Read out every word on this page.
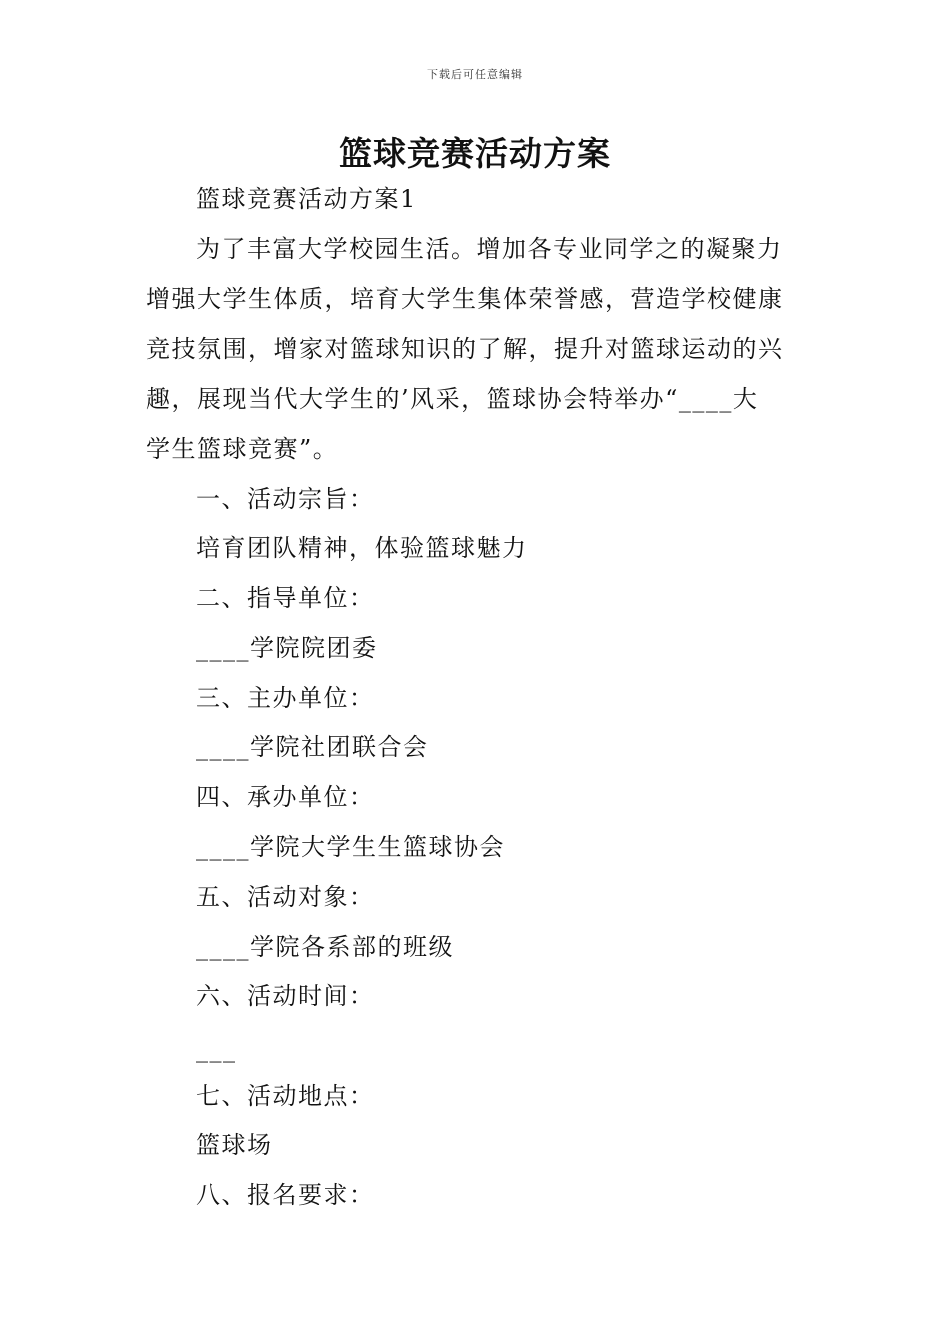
下载后可任意编辑
篮球竞赛活动方案
篮球竞赛活动方案1
为了丰富大学校园生活。增加各专业同学之的凝聚力
增强大学生体质，培育大学生集体荣誉感，营造学校健康
竞技氛围，增家对篮球知识的了解，提升对篮球运动的兴
趣，展现当代大学生的’风采，篮球协会特举办“____大
学生篮球竞赛”。
一、活动宗旨：
培育团队精神，体验篮球魅力
二、指导单位：
____学院院团委
三、主办单位：
____学院社团联合会
四、承办单位：
____学院大学生生篮球协会
五、活动对象：
____学院各系部的班级
六、活动时间：
___
七、活动地点：
篮球场
八、报名要求：
